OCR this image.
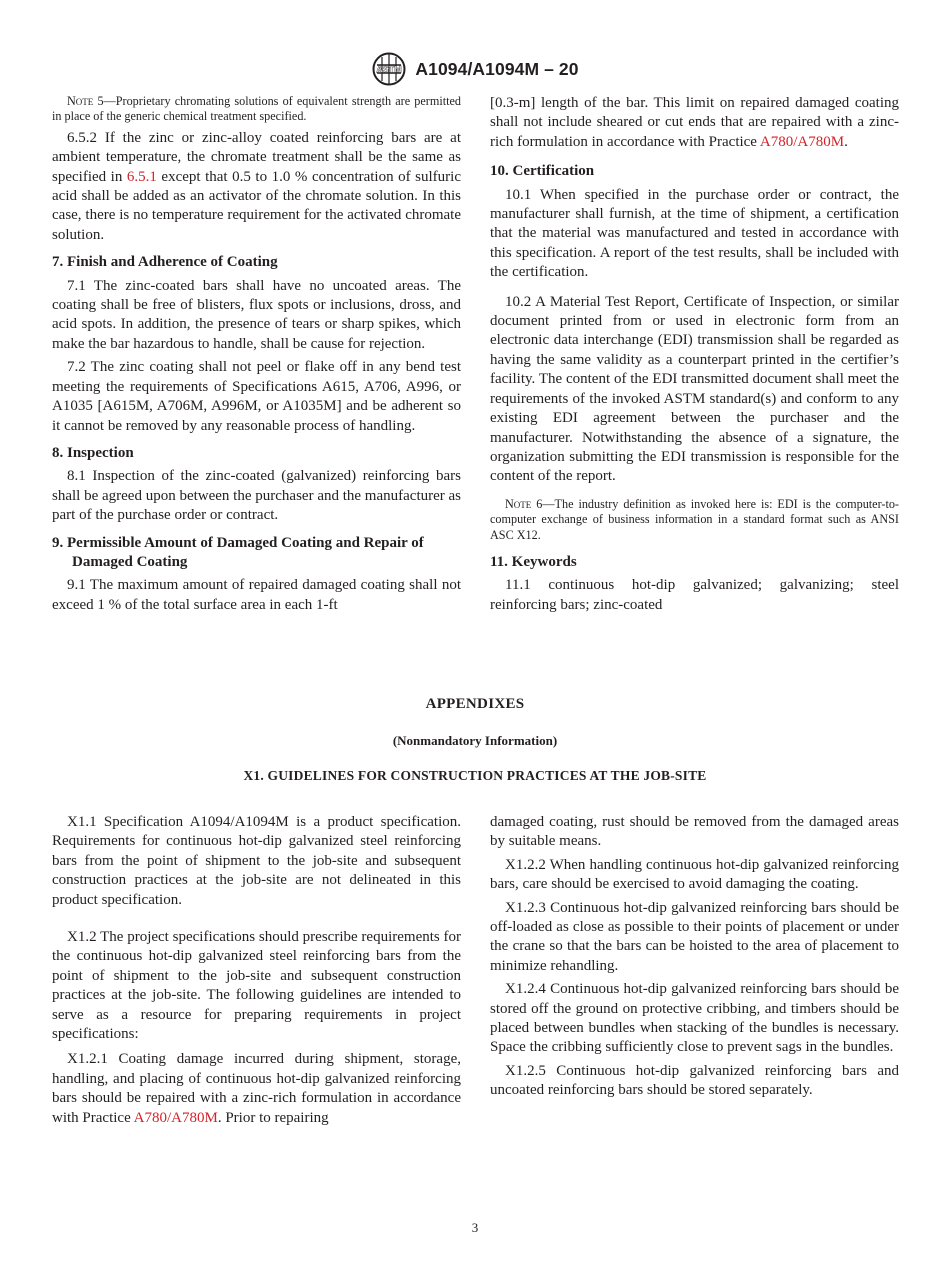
ASTM A1094/A1094M – 20

Note 5—Proprietary chromating solutions of equivalent strength are permitted in place of the generic chemical treatment specified.

6.5.2 If the zinc or zinc-alloy coated reinforcing bars are at ambient temperature, the chromate treatment shall be the same as specified in 6.5.1 except that 0.5 to 1.0 % concentration of sulfuric acid shall be added as an activator of the chromate solution. In this case, there is no temperature requirement for the activated chromate solution.

7. Finish and Adherence of Coating

7.1 The zinc-coated bars shall have no uncoated areas. The coating shall be free of blisters, flux spots or inclusions, dross, and acid spots. In addition, the presence of tears or sharp spikes, which make the bar hazardous to handle, shall be cause for rejection.

7.2 The zinc coating shall not peel or flake off in any bend test meeting the requirements of Specifications A615, A706, A996, or A1035 [A615M, A706M, A996M, or A1035M] and be adherent so it cannot be removed by any reasonable process of handling.

8. Inspection

8.1 Inspection of the zinc-coated (galvanized) reinforcing bars shall be agreed upon between the purchaser and the manufacturer as part of the purchase order or contract.

9. Permissible Amount of Damaged Coating and Repair of Damaged Coating

9.1 The maximum amount of repaired damaged coating shall not exceed 1 % of the total surface area in each 1-ft

[0.3-m] length of the bar. This limit on repaired damaged coating shall not include sheared or cut ends that are repaired with a zinc-rich formulation in accordance with Practice A780/A780M.

10. Certification

10.1 When specified in the purchase order or contract, the manufacturer shall furnish, at the time of shipment, a certification that the material was manufactured and tested in accordance with this specification. A report of the test results, shall be included with the certification.

10.2 A Material Test Report, Certificate of Inspection, or similar document printed from or used in electronic form from an electronic data interchange (EDI) transmission shall be regarded as having the same validity as a counterpart printed in the certifier’s facility. The content of the EDI transmitted document shall meet the requirements of the invoked ASTM standard(s) and conform to any existing EDI agreement between the purchaser and the manufacturer. Notwithstanding the absence of a signature, the organization submitting the EDI transmission is responsible for the content of the report.

Note 6—The industry definition as invoked here is: EDI is the computer-to-computer exchange of business information in a standard format such as ANSI ASC X12.

11. Keywords

11.1 continuous hot-dip galvanized; galvanizing; steel reinforcing bars; zinc-coated

APPENDIXES
(Nonmandatory Information)
X1. GUIDELINES FOR CONSTRUCTION PRACTICES AT THE JOB-SITE

X1.1 Specification A1094/A1094M is a product specification. Requirements for continuous hot-dip galvanized steel reinforcing bars from the point of shipment to the job-site and subsequent construction practices at the job-site are not delineated in this product specification.

X1.2 The project specifications should prescribe requirements for the continuous hot-dip galvanized steel reinforcing bars from the point of shipment to the job-site and subsequent construction practices at the job-site. The following guidelines are intended to serve as a resource for preparing requirements in project specifications:

X1.2.1 Coating damage incurred during shipment, storage, handling, and placing of continuous hot-dip galvanized reinforcing bars should be repaired with a zinc-rich formulation in accordance with Practice A780/A780M. Prior to repairing

damaged coating, rust should be removed from the damaged areas by suitable means.

X1.2.2 When handling continuous hot-dip galvanized reinforcing bars, care should be exercised to avoid damaging the coating.

X1.2.3 Continuous hot-dip galvanized reinforcing bars should be off-loaded as close as possible to their points of placement or under the crane so that the bars can be hoisted to the area of placement to minimize rehandling.

X1.2.4 Continuous hot-dip galvanized reinforcing bars should be stored off the ground on protective cribbing, and timbers should be placed between bundles when stacking of the bundles is necessary. Space the cribbing sufficiently close to prevent sags in the bundles.

X1.2.5 Continuous hot-dip galvanized reinforcing bars and uncoated reinforcing bars should be stored separately.

3
